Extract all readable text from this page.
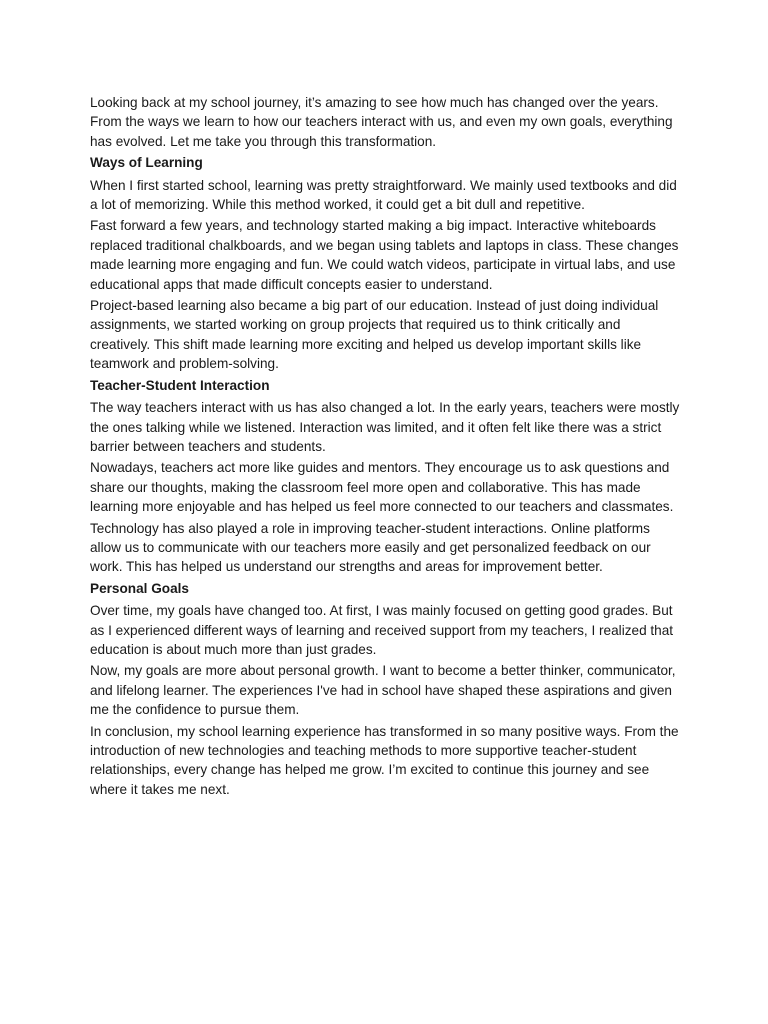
Looking back at my school journey, it’s amazing to see how much has changed over the years. From the ways we learn to how our teachers interact with us, and even my own goals, everything has evolved. Let me take you through this transformation.

Ways of Learning

When I first started school, learning was pretty straightforward. We mainly used textbooks and did a lot of memorizing. While this method worked, it could get a bit dull and repetitive.

Fast forward a few years, and technology started making a big impact. Interactive whiteboards replaced traditional chalkboards, and we began using tablets and laptops in class. These changes made learning more engaging and fun. We could watch videos, participate in virtual labs, and use educational apps that made difficult concepts easier to understand.

Project-based learning also became a big part of our education. Instead of just doing individual assignments, we started working on group projects that required us to think critically and creatively. This shift made learning more exciting and helped us develop important skills like teamwork and problem-solving.

Teacher-Student Interaction

The way teachers interact with us has also changed a lot. In the early years, teachers were mostly the ones talking while we listened. Interaction was limited, and it often felt like there was a strict barrier between teachers and students.

Nowadays, teachers act more like guides and mentors. They encourage us to ask questions and share our thoughts, making the classroom feel more open and collaborative. This has made learning more enjoyable and has helped us feel more connected to our teachers and classmates.

Technology has also played a role in improving teacher-student interactions. Online platforms allow us to communicate with our teachers more easily and get personalized feedback on our work. This has helped us understand our strengths and areas for improvement better.

Personal Goals

Over time, my goals have changed too. At first, I was mainly focused on getting good grades. But as I experienced different ways of learning and received support from my teachers, I realized that education is about much more than just grades.

Now, my goals are more about personal growth. I want to become a better thinker, communicator, and lifelong learner. The experiences I've had in school have shaped these aspirations and given me the confidence to pursue them.

In conclusion, my school learning experience has transformed in so many positive ways. From the introduction of new technologies and teaching methods to more supportive teacher-student relationships, every change has helped me grow. I’m excited to continue this journey and see where it takes me next.
